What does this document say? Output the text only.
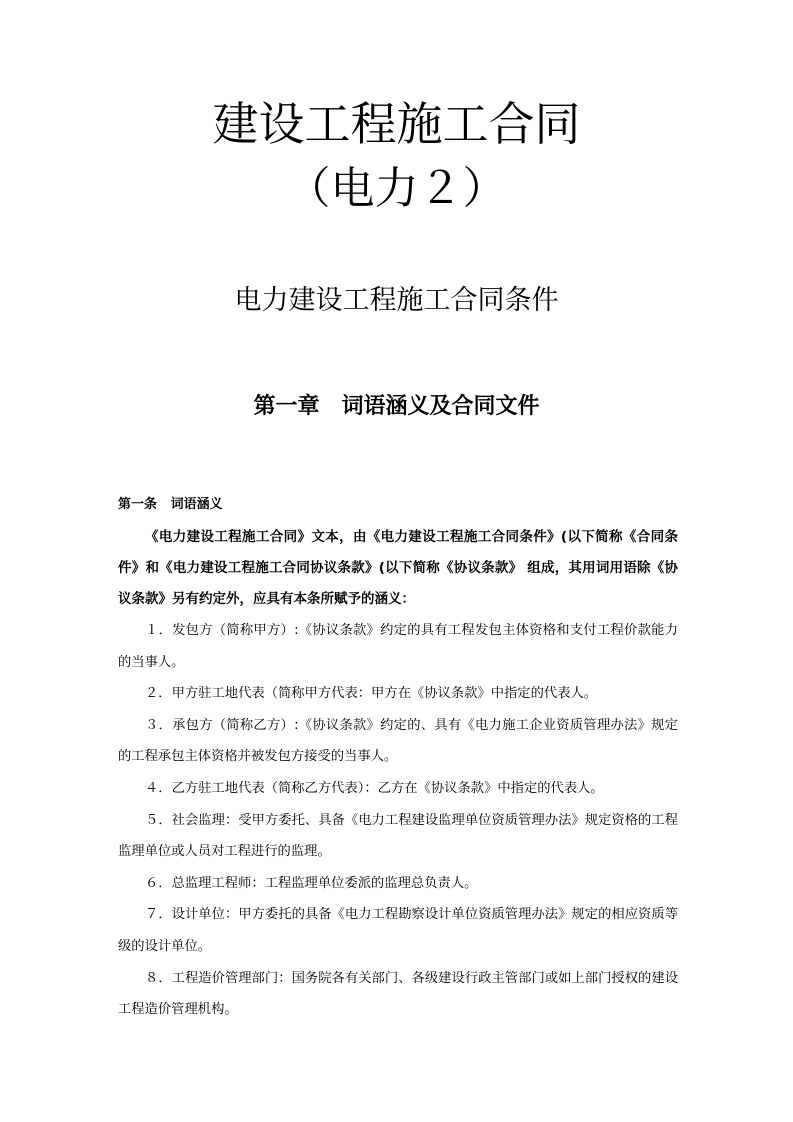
建设工程施工合同
（电力２）
电力建设工程施工合同条件
第一章　词语涵义及合同文件
第一条 词语涵义
《电力建设工程施工合同》文本，由《电力建设工程施工合同条件》(以下简称《合同条件》和《电力建设工程施工合同协议条款》(以下简称《协议条款》 组成，其用词用语除《协议条款》另有约定外，应具有本条所赋予的涵义：

１．发包方（简称甲方）:《协议条款》约定的具有工程发包主体资格和支付工程价款能力的当事人。

２．甲方驻工地代表（简称甲方代表：甲方在《协议条款》中指定的代表人。

３．承包方（简称乙方）:《协议条款》约定的、具有《电力施工企业资质管理办法》规定的工程承包主体资格并被发包方接受的当事人。

４．乙方驻工地代表（简称乙方代表）：乙方在《协议条款》中指定的代表人。

５．社会监理：受甲方委托、具备《电力工程建设监理单位资质管理办法》规定资格的工程监理单位或人员对工程进行的监理。

６．总监理工程师：工程监理单位委派的监理总负责人。

７．设计单位：甲方委托的具备《电力工程勘察设计单位资质管理办法》规定的相应资质等级的设计单位。

８．工程造价管理部门：国务院各有关部门、各级建设行政主管部门或如上部门授权的建设工程造价管理机构。
